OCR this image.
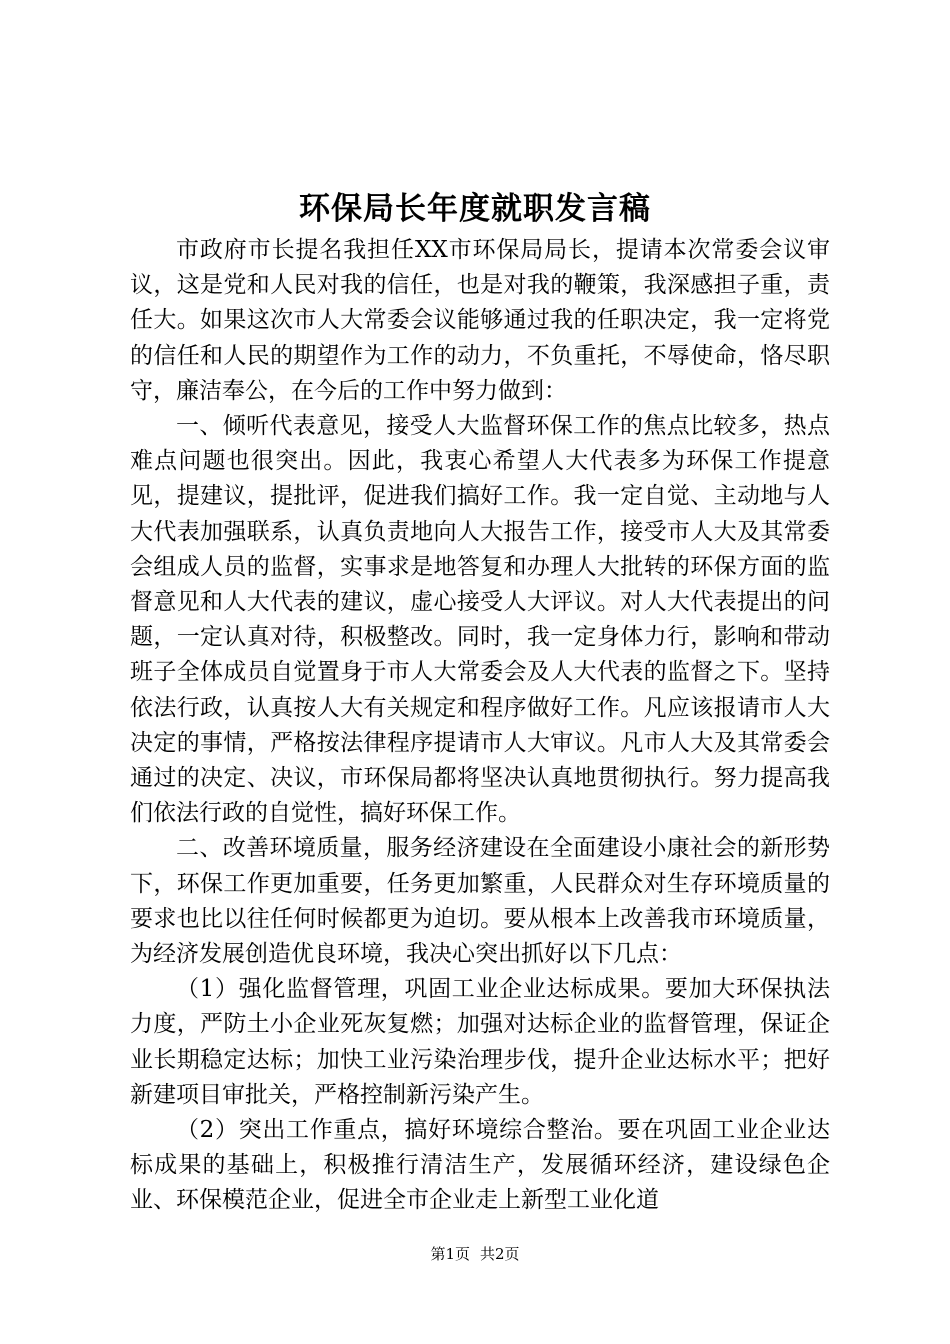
环保局长年度就职发言稿

市政府市长提名我担任XX市环保局局长，提请本次常委会议审议，这是党和人民对我的信任，也是对我的鞭策，我深感担子重，责任大。如果这次市人大常委会议能够通过我的任职决定，我一定将党的信任和人民的期望作为工作的动力，不负重托，不辱使命，恪尽职守，廉洁奉公，在今后的工作中努力做到：

一、倾听代表意见，接受人大监督环保工作的焦点比较多，热点难点问题也很突出。因此，我衷心希望人大代表多为环保工作提意见，提建议，提批评，促进我们搞好工作。我一定自觉、主动地与人大代表加强联系，认真负责地向人大报告工作，接受市人大及其常委会组成人员的监督，实事求是地答复和办理人大批转的环保方面的监督意见和人大代表的建议，虚心接受人大评议。对人大代表提出的问题，一定认真对待，积极整改。同时，我一定身体力行，影响和带动班子全体成员自觉置身于市人大常委会及人大代表的监督之下。坚持依法行政，认真按人大有关规定和程序做好工作。凡应该报请市人大决定的事情，严格按法律程序提请市人大审议。凡市人大及其常委会通过的决定、决议，市环保局都将坚决认真地贯彻执行。努力提高我们依法行政的自觉性，搞好环保工作。

二、改善环境质量，服务经济建设在全面建设小康社会的新形势下，环保工作更加重要，任务更加繁重，人民群众对生存环境质量的要求也比以往任何时候都更为迫切。要从根本上改善我市环境质量，为经济发展创造优良环境，我决心突出抓好以下几点：

（1）强化监督管理，巩固工业企业达标成果。要加大环保执法力度，严防土小企业死灰复燃；加强对达标企业的监督管理，保证企业长期稳定达标；加快工业污染治理步伐，提升企业达标水平；把好新建项目审批关，严格控制新污染产生。

（2）突出工作重点，搞好环境综合整治。要在巩固工业企业达标成果的基础上，积极推行清洁生产，发展循环经济，建设绿色企业、环保模范企业，促进全市企业走上新型工业化道

第1页 共2页
